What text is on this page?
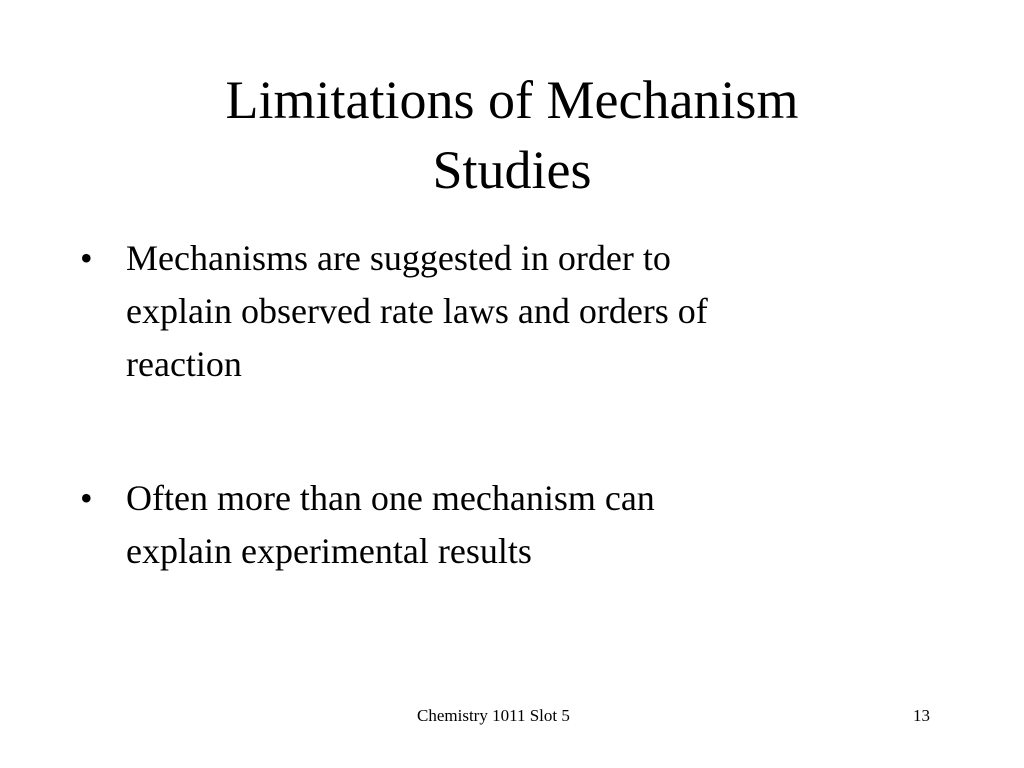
Limitations of Mechanism
Studies
• Mechanisms are suggested in order to
explain observed rate laws and orders of
reaction
• Often more than one mechanism can
explain experimental results
Chemistry 1011 Slot 5	13
